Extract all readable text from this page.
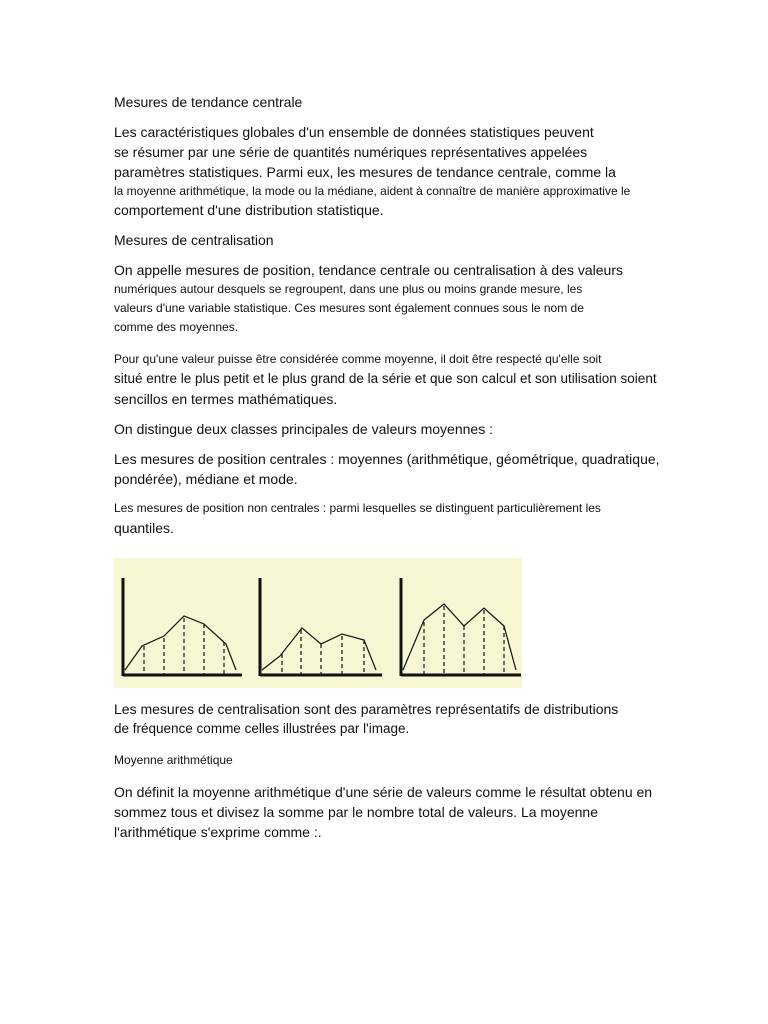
Mesures de tendance centrale
Les caractéristiques globales d'un ensemble de données statistiques peuvent
se résumer par une série de quantités numériques représentatives appelées
paramètres statistiques. Parmi eux, les mesures de tendance centrale, comme la
la moyenne arithmétique, la mode ou la médiane, aident à connaître de manière approximative le
comportement d'une distribution statistique.
Mesures de centralisation
On appelle mesures de position, tendance centrale ou centralisation à des valeurs
numériques autour desquels se regroupent, dans une plus ou moins grande mesure, les
valeurs d'une variable statistique. Ces mesures sont également connues sous le nom de
comme des moyennes.
Pour qu'une valeur puisse être considérée comme moyenne, il doit être respecté qu'elle soit
situé entre le plus petit et le plus grand de la série et que son calcul et son utilisation soient
sencillos en termes mathématiques.
On distingue deux classes principales de valeurs moyennes :
Les mesures de position centrales : moyennes (arithmétique, géométrique, quadratique,
pondérée), médiane et mode.
Les mesures de position non centrales : parmi lesquelles se distinguent particulièrement les
quantiles.
Les mesures de centralisation sont des paramètres représentatifs de distributions
de fréquence comme celles illustrées par l'image.
Moyenne arithmétique
On définit la moyenne arithmétique d'une série de valeurs comme le résultat obtenu en
sommez tous et divisez la somme par le nombre total de valeurs. La moyenne
l'arithmétique s'exprime comme :.
